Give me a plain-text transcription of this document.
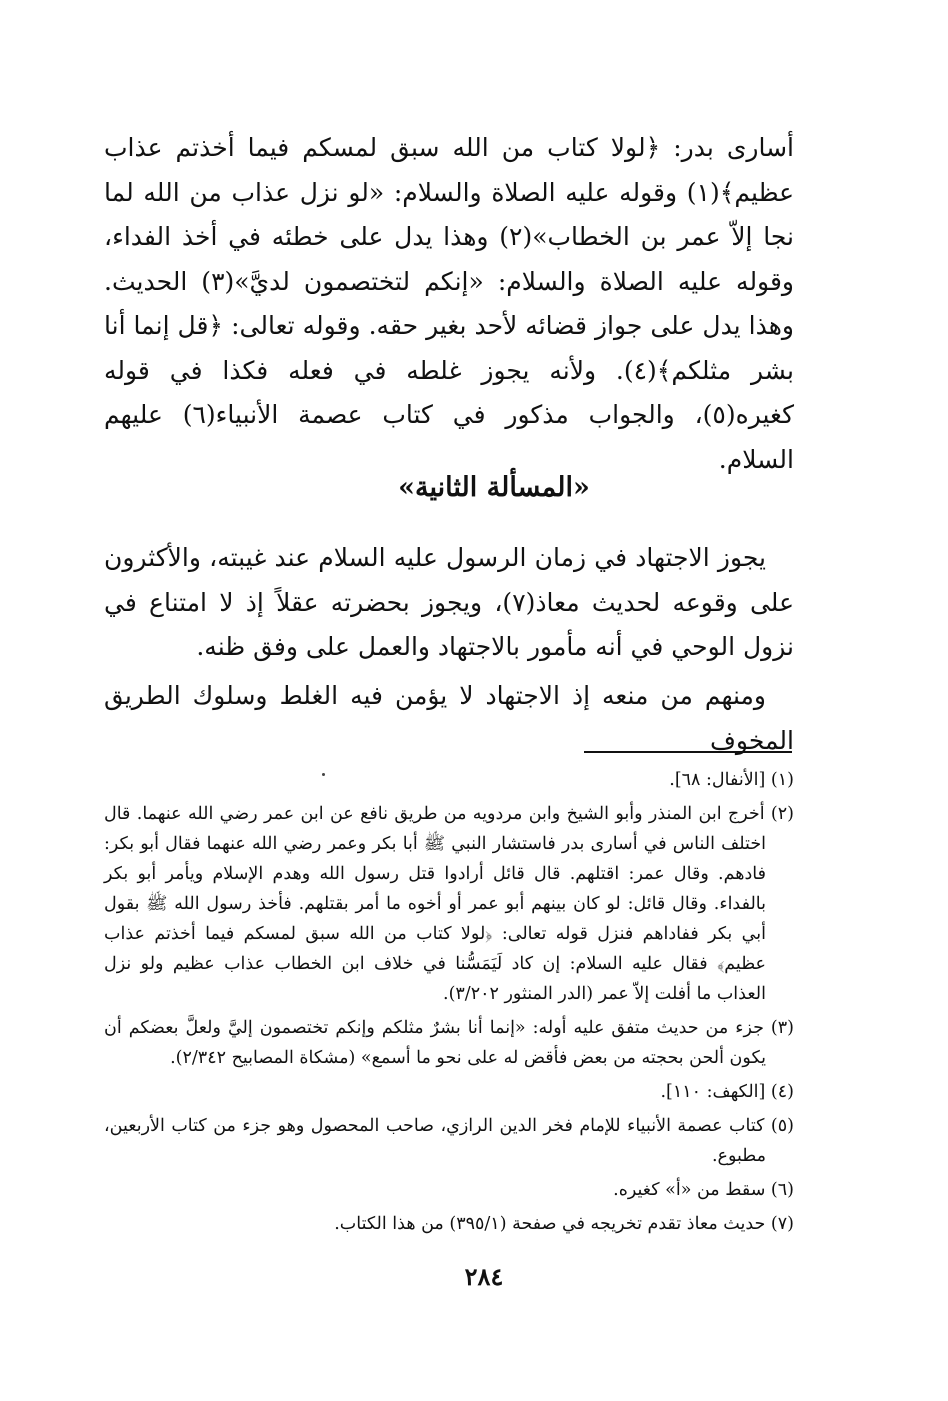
أسارى بدر: ﴿لولا كتاب من الله سبق لمسكم فيما أخذتم عذاب عظيم﴾(١) وقوله عليه الصلاة والسلام: «لو نزل عذاب من الله لما نجا إلاّ عمر بن الخطاب»(٢) وهذا يدل على خطئه في أخذ الفداء، وقوله عليه الصلاة والسلام: «إنكم لتختصمون لديَّ»(٣) الحديث. وهذا يدل على جواز قضائه لأحد بغير حقه. وقوله تعالى: ﴿قل إنما أنا بشر مثلكم﴾(٤). ولأنه يجوز غلطه في فعله فكذا في قوله كغيره(٥)، والجواب مذكور في كتاب عصمة الأنبياء(٦) عليهم السلام.

«المسألة الثانية»

يجوز الاجتهاد في زمان الرسول عليه السلام عند غيبته، والأكثرون على وقوعه لحديث معاذ(٧)، ويجوز بحضرته عقلاً إذ لا امتناع في نزول الوحي في أنه مأمور بالاجتهاد والعمل على وفق ظنه.

ومنهم من منعه إذ الاجتهاد لا يؤمن فيه الغلط وسلوك الطريق المخوف

(١) [الأنفال: ٦٨].

(٢) أخرج ابن المنذر وأبو الشيخ وابن مردويه من طريق نافع عن ابن عمر رضي الله عنهما. قال اختلف الناس في أسارى بدر فاستشار النبي ﷺ أبا بكر وعمر رضي الله عنهما فقال أبو بكر: فادهم. وقال عمر: اقتلهم. قال قائل أرادوا قتل رسول الله وهدم الإسلام ويأمر أبو بكر بالفداء. وقال قائل: لو كان بينهم أبو عمر أو أخوه ما أمر بقتلهم. فأخذ رسول الله ﷺ بقول أبي بكر ففاداهم فنزل قوله تعالى: ﴿لولا كتاب من الله سبق لمسكم فيما أخذتم عذاب عظيم﴾ فقال عليه السلام: إن كاد لَيَمَسُّنا في خلاف ابن الخطاب عذاب عظيم ولو نزل العذاب ما أفلت إلاّ عمر (الدر المنثور ٣/٢٠٢).

(٣) جزء من حديث متفق عليه أوله: «إنما أنا بشرٌ مثلكم وإنكم تختصمون إليَّ ولعلَّ بعضكم أن يكون ألحن بحجته من بعض فأقض له على نحو ما أسمع» (مشكاة المصابيح ٢/٣٤٢).

(٤) [الكهف: ١١٠].

(٥) كتاب عصمة الأنبياء للإمام فخر الدين الرازي، صاحب المحصول وهو جزء من كتاب الأربعين، مطبوع.

(٦) سقط من «أ» كغيره.

(٧) حديث معاذ تقدم تخريجه في صفحة (٣٩٥/١) من هذا الكتاب.

٢٨٤
